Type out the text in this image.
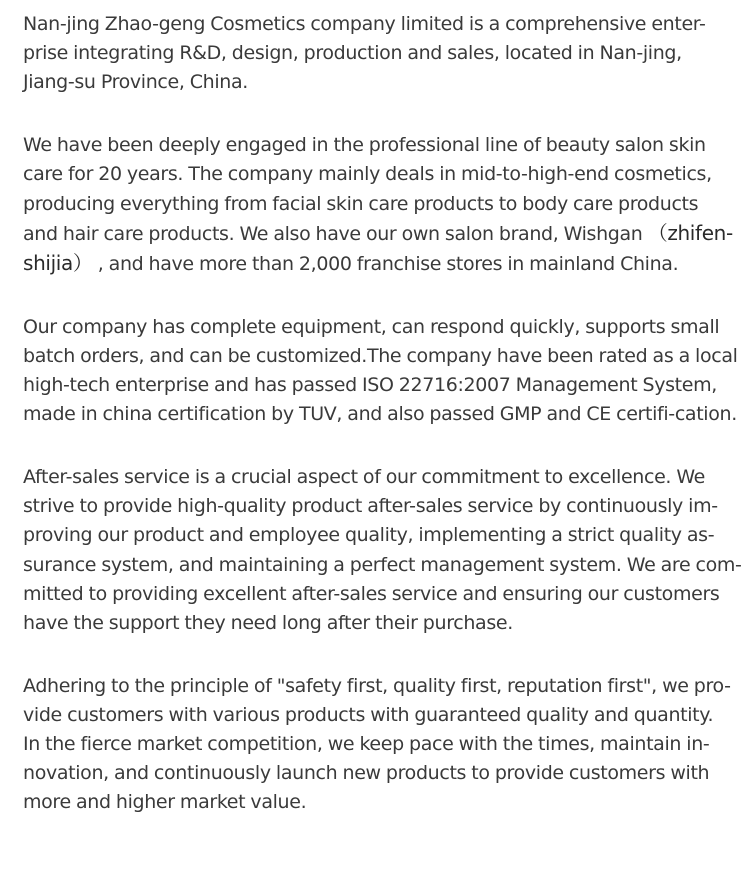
Nan-jing Zhao-geng Cosmetics company limited is a comprehensive enter-
prise integrating R&D, design, production and sales, located in Nan-jing,
Jiang-su Province, China.

We have been deeply engaged in the professional line of beauty salon skin
care for 20 years. The company mainly deals in mid-to-high-end cosmetics,
producing everything from facial skin care products to body care products
and hair care products. We also have our own salon brand, Wishgan （zhifen-
shijia） , and have more than 2,000 franchise stores in mainland China.

Our company has complete equipment, can respond quickly, supports small
batch orders, and can be customized.The company have been rated as a local
high-tech enterprise and has passed ISO 22716:2007 Management System,
made in china certification by TUV, and also passed GMP and CE certifi-cation.

After-sales service is a crucial aspect of our commitment to excellence. We
strive to provide high-quality product after-sales service by continuously im-
proving our product and employee quality, implementing a strict quality as-
surance system, and maintaining a perfect management system. We are com-
mitted to providing excellent after-sales service and ensuring our customers
have the support they need long after their purchase.

Adhering to the principle of "safety first, quality first, reputation first", we pro-
vide customers with various products with guaranteed quality and quantity.
In the fierce market competition, we keep pace with the times, maintain in-
novation, and continuously launch new products to provide customers with
more and higher market value.
